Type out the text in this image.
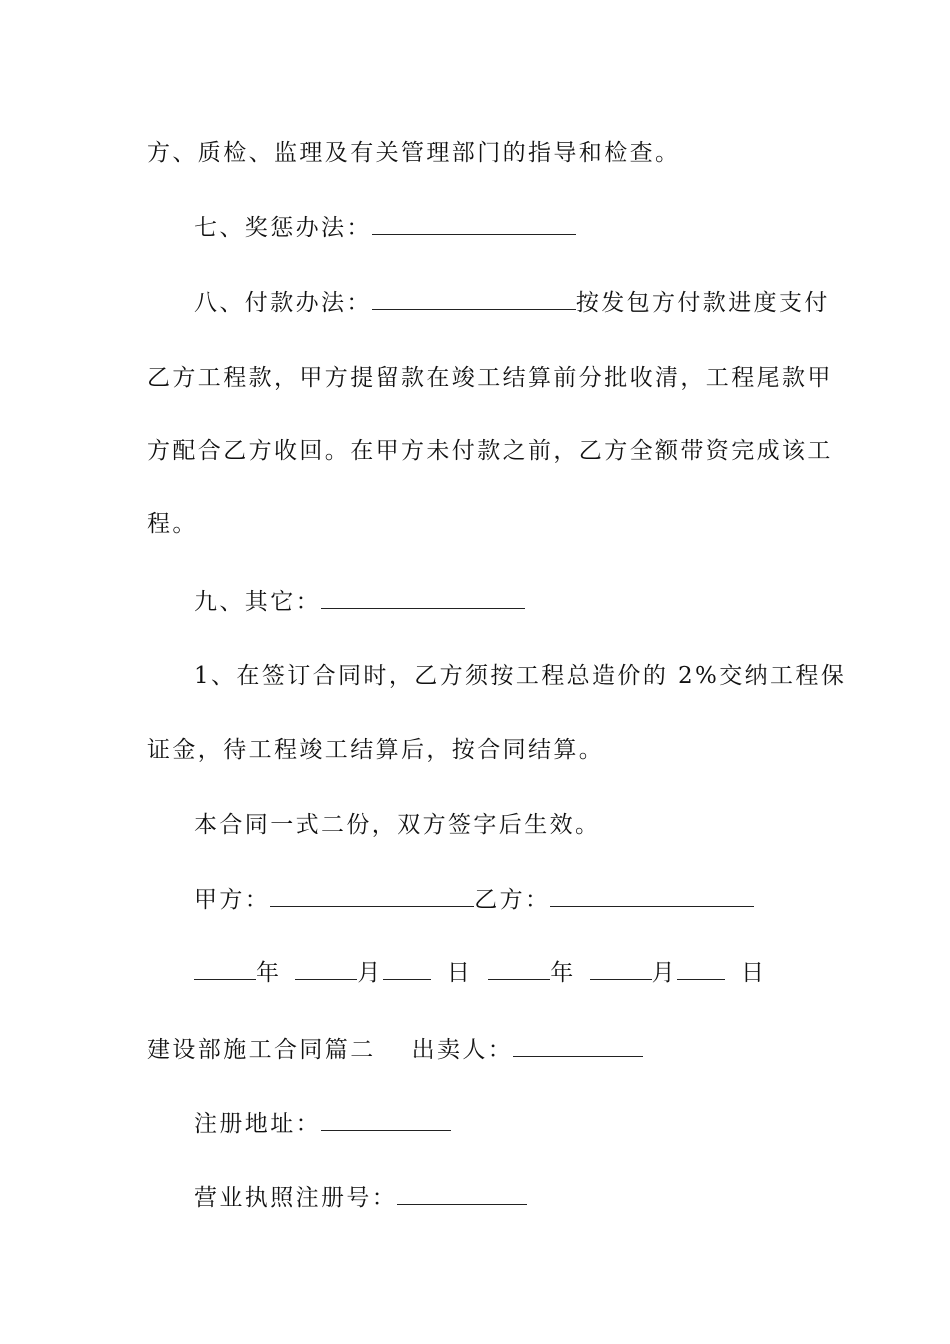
方、质检、监理及有关管理部门的指导和检查。
七、奖惩办法：
八、付款办法：	按发包方付款进度支付
乙方工程款，甲方提留款在竣工结算前分批收清，工程尾款甲
方配合乙方收回。在甲方未付款之前，乙方全额带资完成该工
程。
九、其它：
1、在签订合同时，乙方须按工程总造价的 2%交纳工程保
证金，待工程竣工结算后，按合同结算。
本合同一式二份，双方签字后生效。
甲方：	乙方：
年	月	日	年	月	日
建设部施工合同篇二 出卖人：
注册地址：
营业执照注册号：
